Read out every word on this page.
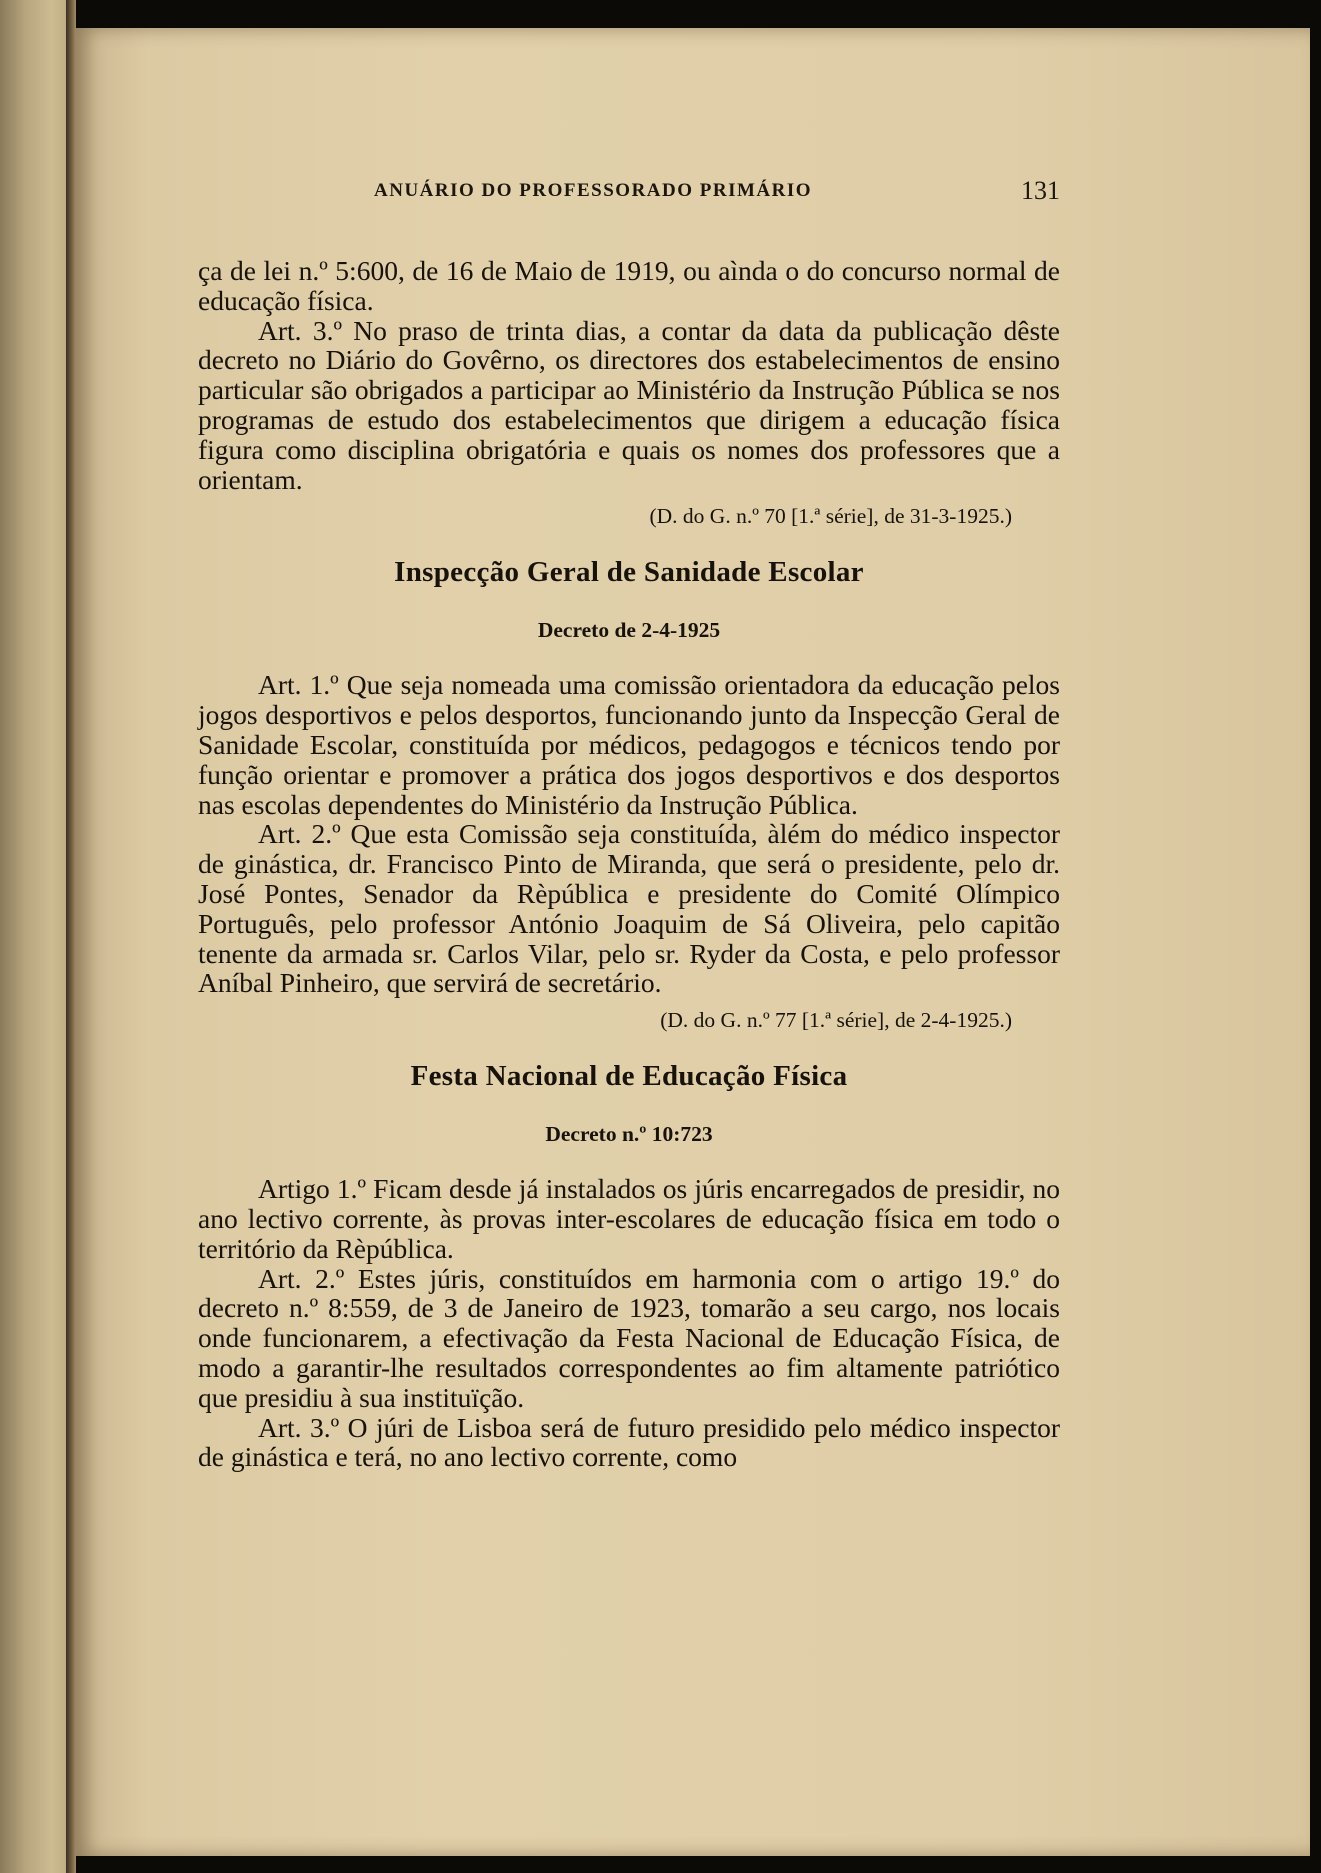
ANUÁRIO DO PROFESSORADO PRIMÁRIO	131

ça de lei n.º 5:600, de 16 de Maio de 1919, ou aìnda o do concurso normal de educação física.

Art. 3.º No praso de trinta dias, a contar da data da publicação dêste decreto no Diário do Govêrno, os directores dos estabelecimentos de ensino particular são obrigados a participar ao Ministério da Instrução Pública se nos programas de estudo dos estabelecimentos que dirigem a educação física figura como disciplina obrigatória e quais os nomes dos professores que a orientam.

(D. do G. n.º 70 [1.ª série], de 31-3-1925.)
Inspecção Geral de Sanidade Escolar
Decreto de 2-4-1925

Art. 1.º Que seja nomeada uma comissão orientadora da educação pelos jogos desportivos e pelos desportos, funcionando junto da Inspecção Geral de Sanidade Escolar, constituída por médicos, pedagogos e técnicos tendo por função orientar e promover a prática dos jogos desportivos e dos desportos nas escolas dependentes do Ministério da Instrução Pública.

Art. 2.º Que esta Comissão seja constituída, àlém do médico inspector de ginástica, dr. Francisco Pinto de Miranda, que será o presidente, pelo dr. José Pontes, Senador da Rèpública e presidente do Comité Olímpico Português, pelo professor António Joaquim de Sá Oliveira, pelo capitão tenente da armada sr. Carlos Vilar, pelo sr. Ryder da Costa, e pelo professor Aníbal Pinheiro, que servirá de secretário.

(D. do G. n.º 77 [1.ª série], de 2-4-1925.)
Festa Nacional de Educação Física
Decreto n.º 10:723

Artigo 1.º Ficam desde já instalados os júris encarregados de presidir, no ano lectivo corrente, às provas inter-escolares de educação física em todo o território da Rèpública.

Art. 2.º Estes júris, constituídos em harmonia com o artigo 19.º do decreto n.º 8:559, de 3 de Janeiro de 1923, tomarão a seu cargo, nos locais onde funcionarem, a efectivação da Festa Nacional de Educação Física, de modo a garantir-lhe resultados correspondentes ao fim altamente patriótico que presidiu à sua instituïção.

Art. 3.º O júri de Lisboa será de futuro presidido pelo médico inspector de ginástica e terá, no ano lectivo corrente, como
